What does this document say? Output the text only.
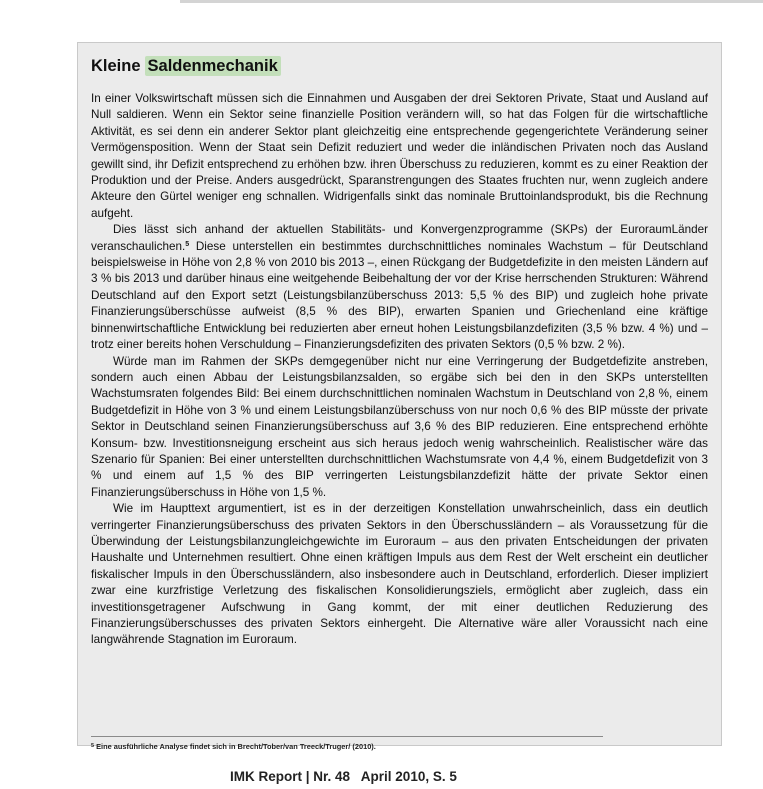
Kleine Saldenmechanik

In einer Volkswirtschaft müssen sich die Einnahmen und Ausgaben der drei Sektoren Private, Staat und Ausland auf Null saldieren. Wenn ein Sektor seine finanzielle Position verändern will, so hat das Folgen für die wirtschaftliche Aktivität, es sei denn ein anderer Sektor plant gleichzeitig eine entsprechende gegengerichtete Veränderung seiner Vermögensposition. Wenn der Staat sein Defizit reduziert und weder die inländischen Privaten noch das Ausland gewillt sind, ihr Defizit entsprechend zu erhöhen bzw. ihren Überschuss zu reduzieren, kommt es zu einer Reaktion der Produktion und der Preise. Anders ausgedrückt, Sparanstrengungen des Staates fruchten nur, wenn zugleich andere Akteure den Gürtel weniger eng schnallen. Widrigenfalls sinkt das nominale Bruttoinlandsprodukt, bis die Rechnung aufgeht.

Dies lässt sich anhand der aktuellen Stabilitäts- und Konvergenzprogramme (SKPs) der EuroraumLänder veranschaulichen.$^5$ Diese unterstellen ein bestimmtes durchschnittliches nominales Wachstum – für Deutschland beispielsweise in Höhe von 2,8 % von 2010 bis 2013 –, einen Rückgang der Budgetdefizite in den meisten Ländern auf 3 % bis 2013 und darüber hinaus eine weitgehende Beibehaltung der vor der Krise herrschenden Strukturen: Während Deutschland auf den Export setzt (Leistungsbilanzüberschuss 2013: 5,5 % des BIP) und zugleich hohe private Finanzierungsüberschüsse aufweist (8,5 % des BIP), erwarten Spanien und Griechenland eine kräftige binnenwirtschaftliche Entwicklung bei reduzierten aber erneut hohen Leistungsbilanzdefiziten (3,5 % bzw. 4 %) und – trotz einer bereits hohen Verschuldung – Finanzierungsdefiziten des privaten Sektors (0,5 % bzw. 2 %).

Würde man im Rahmen der SKPs demgegenüber nicht nur eine Verringerung der Budgetdefizite anstreben, sondern auch einen Abbau der Leistungsbilanzsalden, so ergäbe sich bei den in den SKPs unterstellten Wachstumsraten folgendes Bild: Bei einem durchschnittlichen nominalen Wachstum in Deutschland von 2,8 %, einem Budgetdefizit in Höhe von 3 % und einem Leistungsbilanzüberschuss von nur noch 0,6 % des BIP müsste der private Sektor in Deutschland seinen Finanzierungsüberschuss auf 3,6 % des BIP reduzieren. Eine entsprechend erhöhte Konsum- bzw. Investitionsneigung erscheint aus sich heraus jedoch wenig wahrscheinlich. Realistischer wäre das Szenario für Spanien: Bei einer unterstellten durchschnittlichen Wachstumsrate von 4,4 %, einem Budgetdefizit von 3 % und einem auf 1,5 % des BIP verringerten Leistungsbilanzdefizit hätte der private Sektor einen Finanzierungsüberschuss in Höhe von 1,5 %.

Wie im Haupttext argumentiert, ist es in der derzeitigen Konstellation unwahrscheinlich, dass ein deutlich verringerter Finanzierungsüberschuss des privaten Sektors in den Überschussländern – als Voraussetzung für die Überwindung der Leistungsbilanzungleichgewichte im Euroraum – aus den privaten Entscheidungen der privaten Haushalte und Unternehmen resultiert. Ohne einen kräftigen Impuls aus dem Rest der Welt erscheint ein deutlicher fiskalischer Impuls in den Überschussländern, also insbesondere auch in Deutschland, erforderlich. Dieser impliziert zwar eine kurzfristige Verletzung des fiskalischen Konsolidierungsziels, ermöglicht aber zugleich, dass ein investitionsgetragener Aufschwung in Gang kommt, der mit einer deutlichen Reduzierung des Finanzierungsüberschusses des privaten Sektors einhergeht. Die Alternative wäre aller Voraussicht nach eine langwährende Stagnation im Euroraum.

$^5$ Eine ausführliche Analyse findet sich in Brecht/Tober/van Treeck/Truger/ (2010).
IMK Report | Nr. 48   April 2010, S. 5
